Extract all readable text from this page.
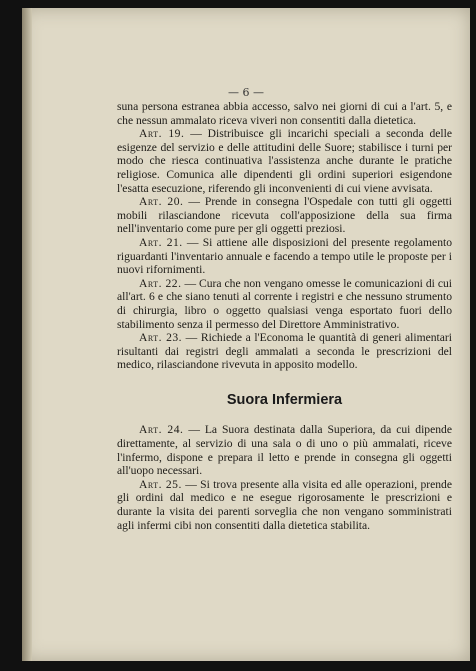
— 6 —

suna persona estranea abbia accesso, salvo nei giorni di cui a l'art. 5, e che nessun ammalato riceva viveri non consentiti dalla dietetica.

Art. 19. — Distribuisce gli incarichi speciali a seconda delle esigenze del servizio e delle attitudini delle Suore; stabilisce i turni per modo che riesca continuativa l'assistenza anche durante le pratiche religiose. Comunica alle dipendenti gli ordini superiori esigendone l'esatta esecuzione, riferendo gli inconvenienti di cui viene avvisata.

Art. 20. — Prende in consegna l'Ospedale con tutti gli oggetti mobili rilasciandone ricevuta coll'apposizione della sua firma nell'inventario come pure per gli oggetti preziosi.

Art. 21. — Si attiene alle disposizioni del presente regolamento riguardanti l'inventario annuale e facendo a tempo utile le proposte per i nuovi rifornimenti.

Art. 22. — Cura che non vengano omesse le comunicazioni di cui all'art. 6 e che siano tenuti al corrente i registri e che nessuno strumento di chirurgia, libro o oggetto qualsiasi venga esportato fuori dello stabilimento senza il permesso del Direttore Amministrativo.

Art. 23. — Richiede a l'Economa le quantità di generi alimentari risultanti dai registri degli ammalati a seconda le prescrizioni del medico, rilasciandone rivevuta in apposito modello.

Suora Infermiera

Art. 24. — La Suora destinata dalla Superiora, da cui dipende direttamente, al servizio di una sala o di uno o più ammalati, riceve l'infermo, dispone e prepara il letto e prende in consegna gli oggetti all'uopo necessari.

Art. 25. — Si trova presente alla visita ed alle operazioni, prende gli ordini dal medico e ne esegue rigorosamente le prescrizioni e durante la visita dei parenti sorveglia che non vengano somministrati agli infermi cibi non consentiti dalla dietetica stabilita.
